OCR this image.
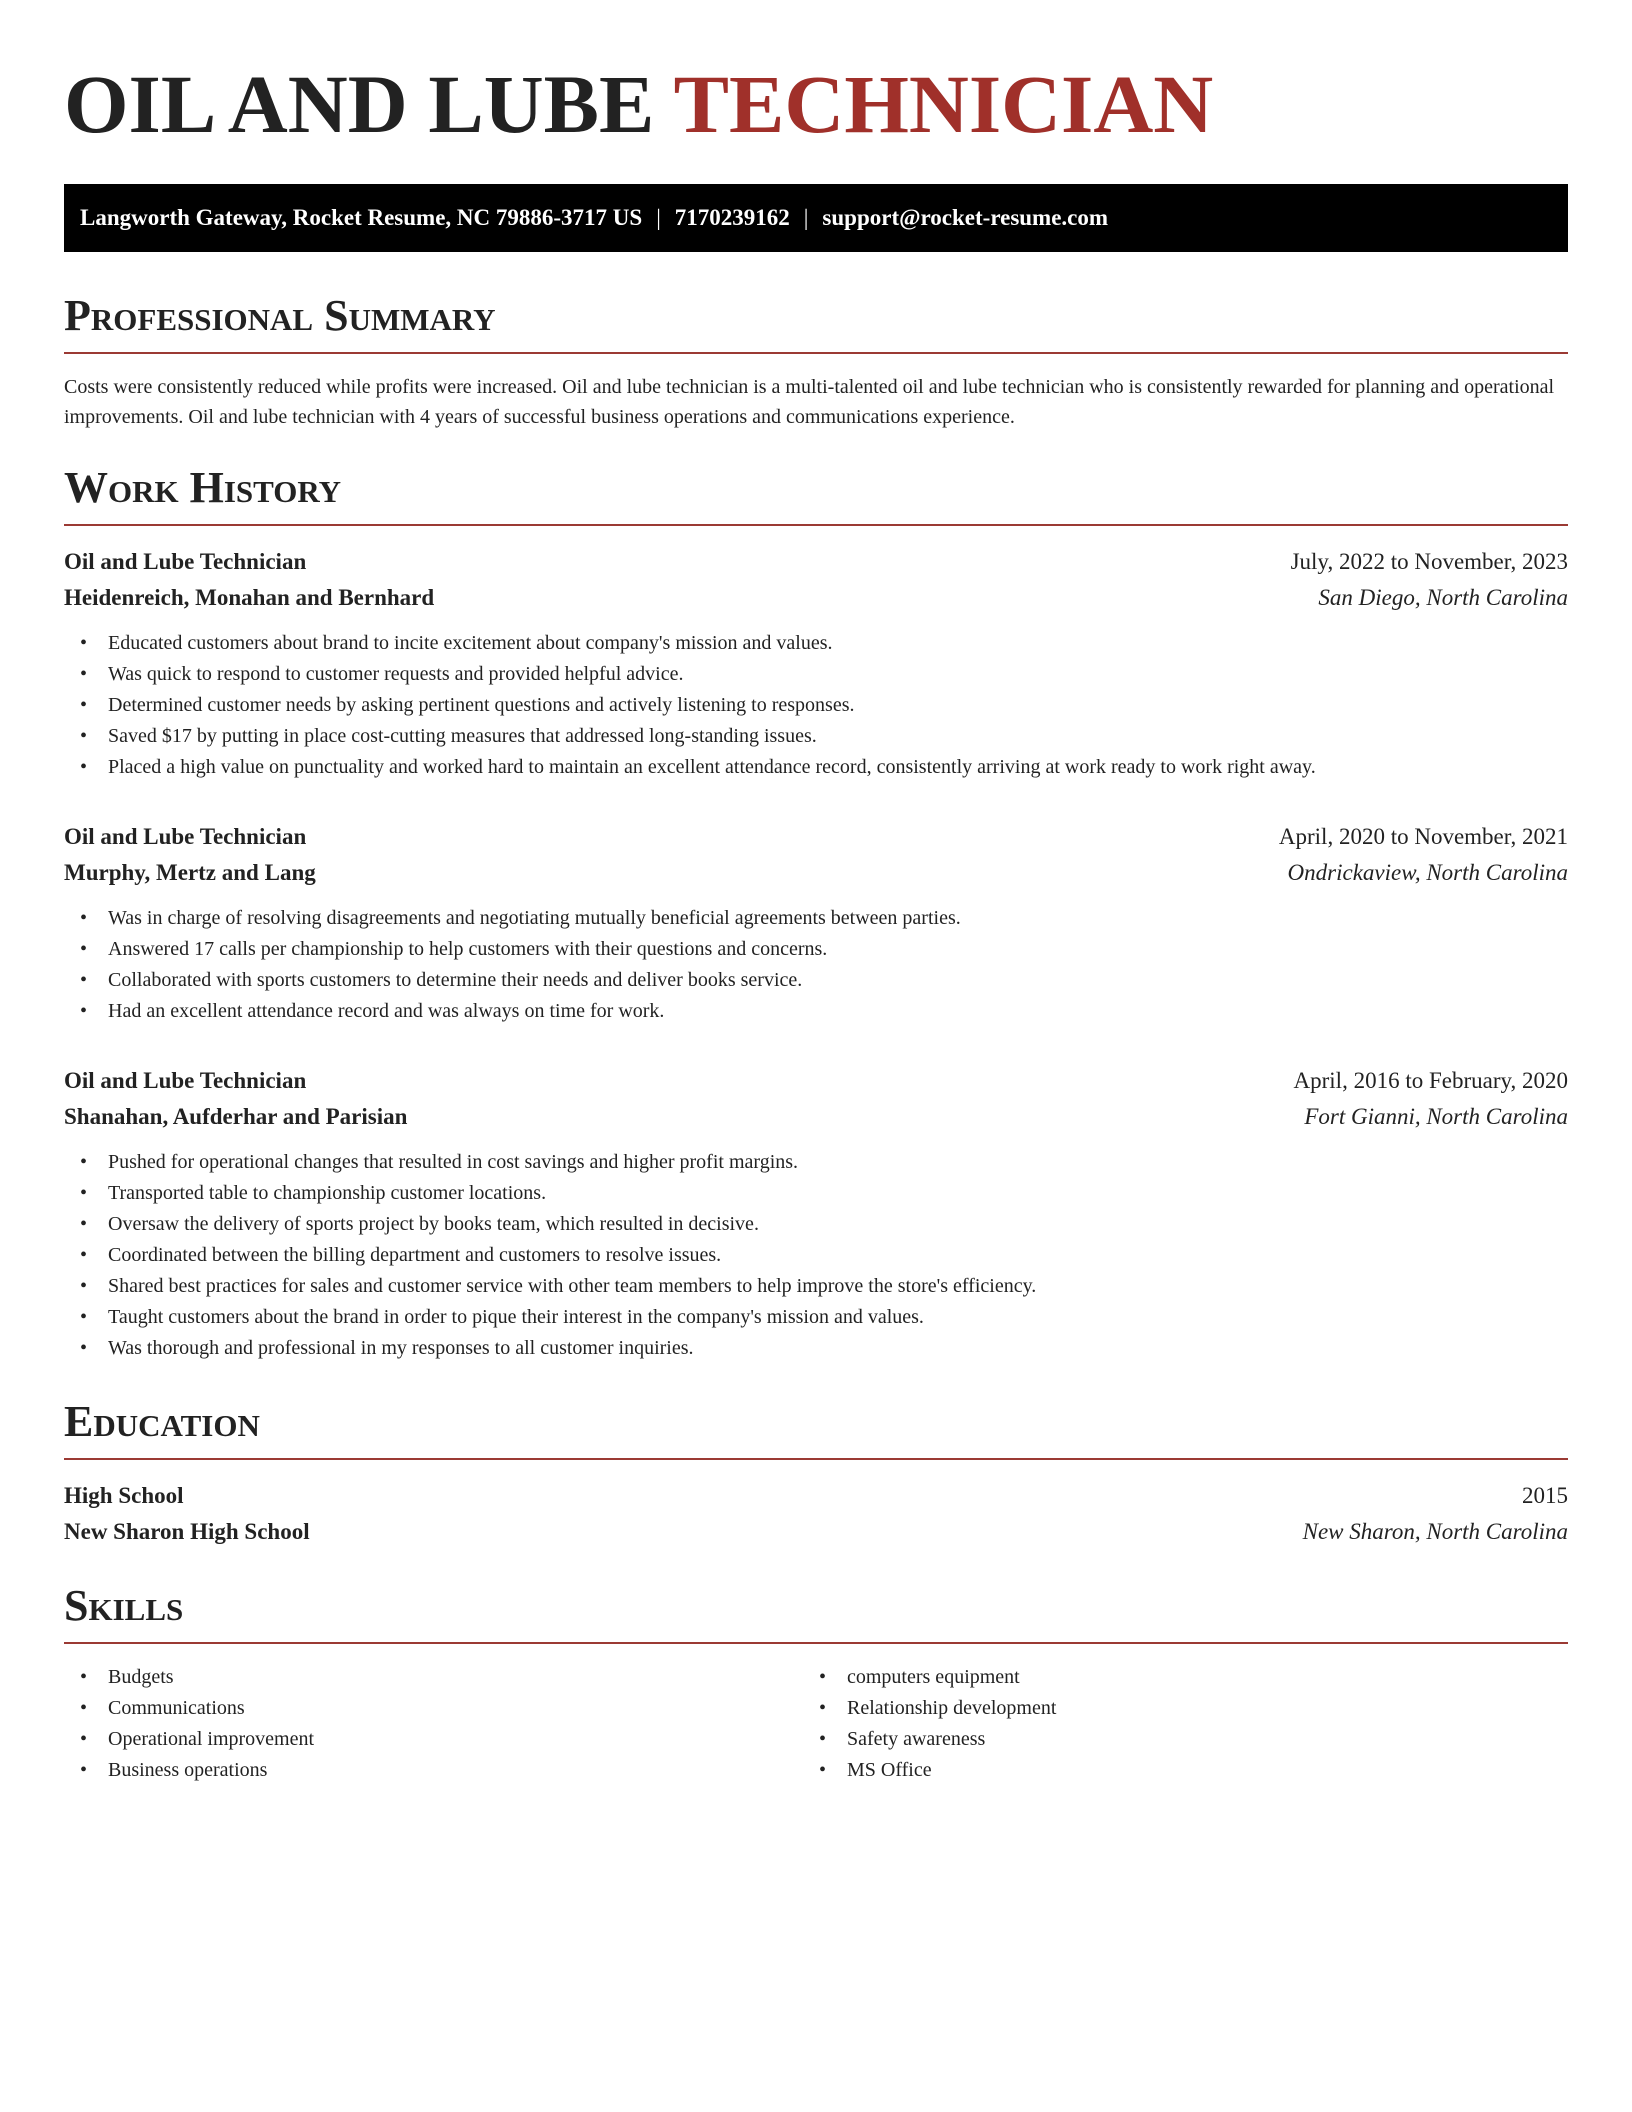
OIL AND LUBE TECHNICIAN
Langworth Gateway, Rocket Resume, NC 79886-3717 US | 7170239162 | support@rocket-resume.com
Professional Summary

Costs were consistently reduced while profits were increased. Oil and lube technician is a multi-talented oil and lube technician who is consistently rewarded for planning and operational improvements. Oil and lube technician with 4 years of successful business operations and communications experience.

Work History
Oil and Lube Technician	July, 2022 to November, 2023
Heidenreich, Monahan and Bernhard	San Diego, North Carolina
• Educated customers about brand to incite excitement about company's mission and values.
• Was quick to respond to customer requests and provided helpful advice.
• Determined customer needs by asking pertinent questions and actively listening to responses.
• Saved $17 by putting in place cost-cutting measures that addressed long-standing issues.
• Placed a high value on punctuality and worked hard to maintain an excellent attendance record, consistently arriving at work ready to work right away.
Oil and Lube Technician	April, 2020 to November, 2021
Murphy, Mertz and Lang	Ondrickaview, North Carolina
• Was in charge of resolving disagreements and negotiating mutually beneficial agreements between parties.
• Answered 17 calls per championship to help customers with their questions and concerns.
• Collaborated with sports customers to determine their needs and deliver books service.
• Had an excellent attendance record and was always on time for work.
Oil and Lube Technician	April, 2016 to February, 2020
Shanahan, Aufderhar and Parisian	Fort Gianni, North Carolina
• Pushed for operational changes that resulted in cost savings and higher profit margins.
• Transported table to championship customer locations.
• Oversaw the delivery of sports project by books team, which resulted in decisive.
• Coordinated between the billing department and customers to resolve issues.
• Shared best practices for sales and customer service with other team members to help improve the store's efficiency.
• Taught customers about the brand in order to pique their interest in the company's mission and values.
• Was thorough and professional in my responses to all customer inquiries.
Education
High School	2015
New Sharon High School	New Sharon, North Carolina
Skills
• Budgets
• Communications
• Operational improvement
• Business operations
• computers equipment
• Relationship development
• Safety awareness
• MS Office
